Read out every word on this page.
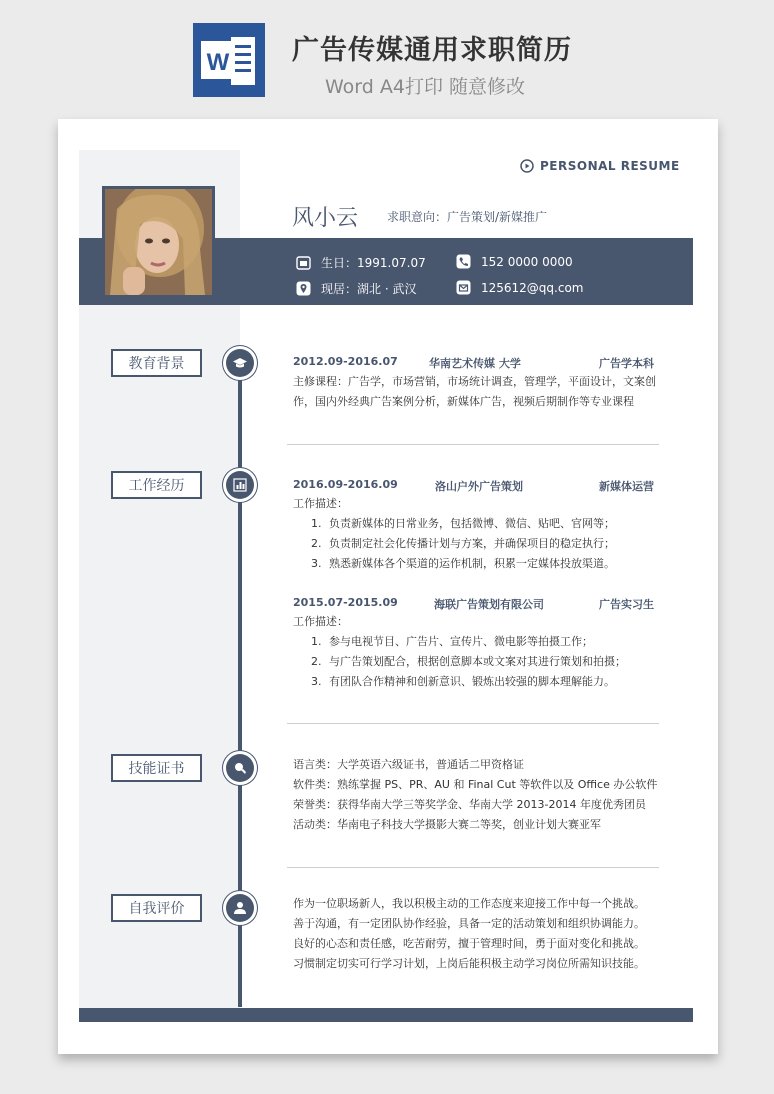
W 广告传媒通用求职简历
Word A4打印 随意修改
PERSONAL RESUME
风小云 求职意向：广告策划/新媒推广
生日：1991.07.07
现居：湖北 · 武汉
152 0000 0000
125612@qq.com
教育背景	2012.09-2016.07	华南艺术传媒 大学	广告学本科
主修课程：广告学，市场营销，市场统计调查，管理学，平面设计，文案创
作，国内外经典广告案例分析，新媒体广告，视频后期制作等专业课程
工作经历	2016.09-2016.09	洛山户外广告策划	新媒体运营
工作描述：
1. 负责新媒体的日常业务，包括微博、微信、贴吧、官网等；
2. 负责制定社会化传播计划与方案，并确保项目的稳定执行；
3. 熟悉新媒体各个渠道的运作机制，积累一定媒体投放渠道。
2015.07-2015.09	海联广告策划有限公司	广告实习生
工作描述：
1. 参与电视节目、广告片、宣传片、微电影等拍摄工作；
2. 与广告策划配合，根据创意脚本或文案对其进行策划和拍摄；
3. 有团队合作精神和创新意识、锻炼出较强的脚本理解能力。
技能证书	语言类：大学英语六级证书，普通话二甲资格证
软件类：熟练掌握 PS、PR、AU 和 Final Cut 等软件以及 Office 办公软件
荣誉类：获得华南大学三等奖学金、华南大学 2013-2014 年度优秀团员
活动类：华南电子科技大学摄影大赛二等奖，创业计划大赛亚军
自我评价	作为一位职场新人，我以积极主动的工作态度来迎接工作中每一个挑战。
善于沟通，有一定团队协作经验，具备一定的活动策划和组织协调能力。
良好的心态和责任感，吃苦耐劳，擅于管理时间，勇于面对变化和挑战。
习惯制定切实可行学习计划，上岗后能积极主动学习岗位所需知识技能。
